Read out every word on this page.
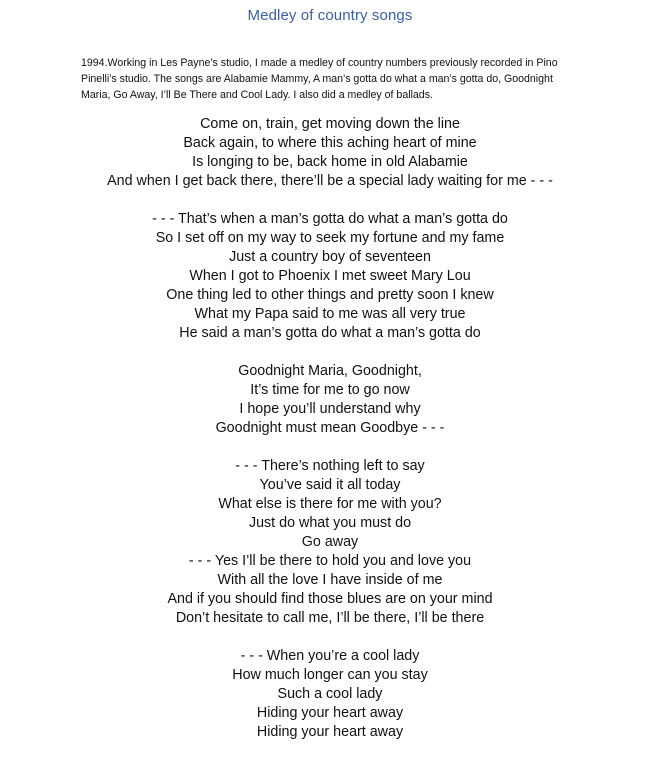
Medley of country songs
1994.Working in Les Payne’s studio, I made a medley of country numbers previously recorded in Pino Pinelli’s studio. The songs are Alabamie Mammy, A man’s gotta do what a man’s gotta do, Goodnight Maria, Go Away, I’ll Be There and Cool Lady. I also did a medley of ballads.
Come on, train, get moving down the line
Back again, to where this aching heart of mine
Is longing to be, back home in old Alabamie
And when I get back there, there’ll be a special lady waiting for me - - -
- - - That’s when a man’s gotta do what a man’s gotta do
So I set off on my way to seek my fortune and my fame
Just a country boy of seventeen
When I got to Phoenix I met sweet Mary Lou
One thing led to other things and pretty soon I knew
What my Papa said to me was all very true
He said a man’s gotta do what a man’s gotta do
Goodnight Maria, Goodnight,
It’s time for me to go now
I hope you’ll understand why
Goodnight must mean Goodbye - - -
- - - There’s nothing left to say
You’ve said it all today
What else is there for me with you?
Just do what you must do
Go away
- - - Yes I’ll be there to hold you and love you
With all the love I have inside of me
And if you should find those blues are on your mind
Don’t hesitate to call me, I’ll be there, I’ll be there
- - - When you’re a cool lady
How much longer can you stay
Such a cool lady
Hiding your heart away
Hiding your heart away
